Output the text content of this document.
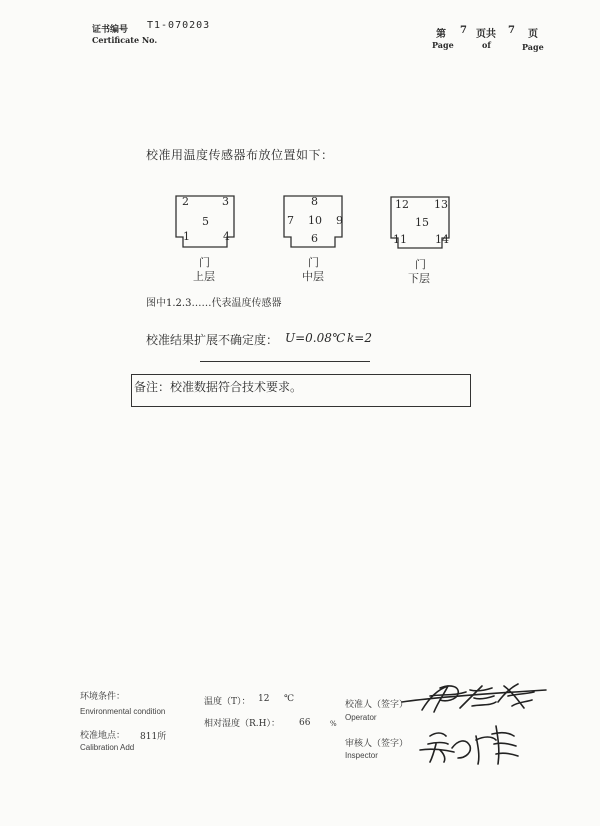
证书编号 T1-070203
Certificate No.	第 7 页共 7 页
Page	of	Page
校准用温度传感器布放位置如下：
2	3
5
1	4
门
上层
8
7 10 9
6
门
中层
12 13
15
11	14
门
下层
图中1.2.3……代表温度传感器
校准结果扩展不确定度： U=0.08℃ k=2
备注：校准数据符合技术要求。
环境条件：
Environmental condition
温度（T）： 12 ℃
相对湿度（R.H）： 66	%
校准地点： 811所
Calibration Add
校准人（签字）
Operator
审核人（签字）
Inspector
